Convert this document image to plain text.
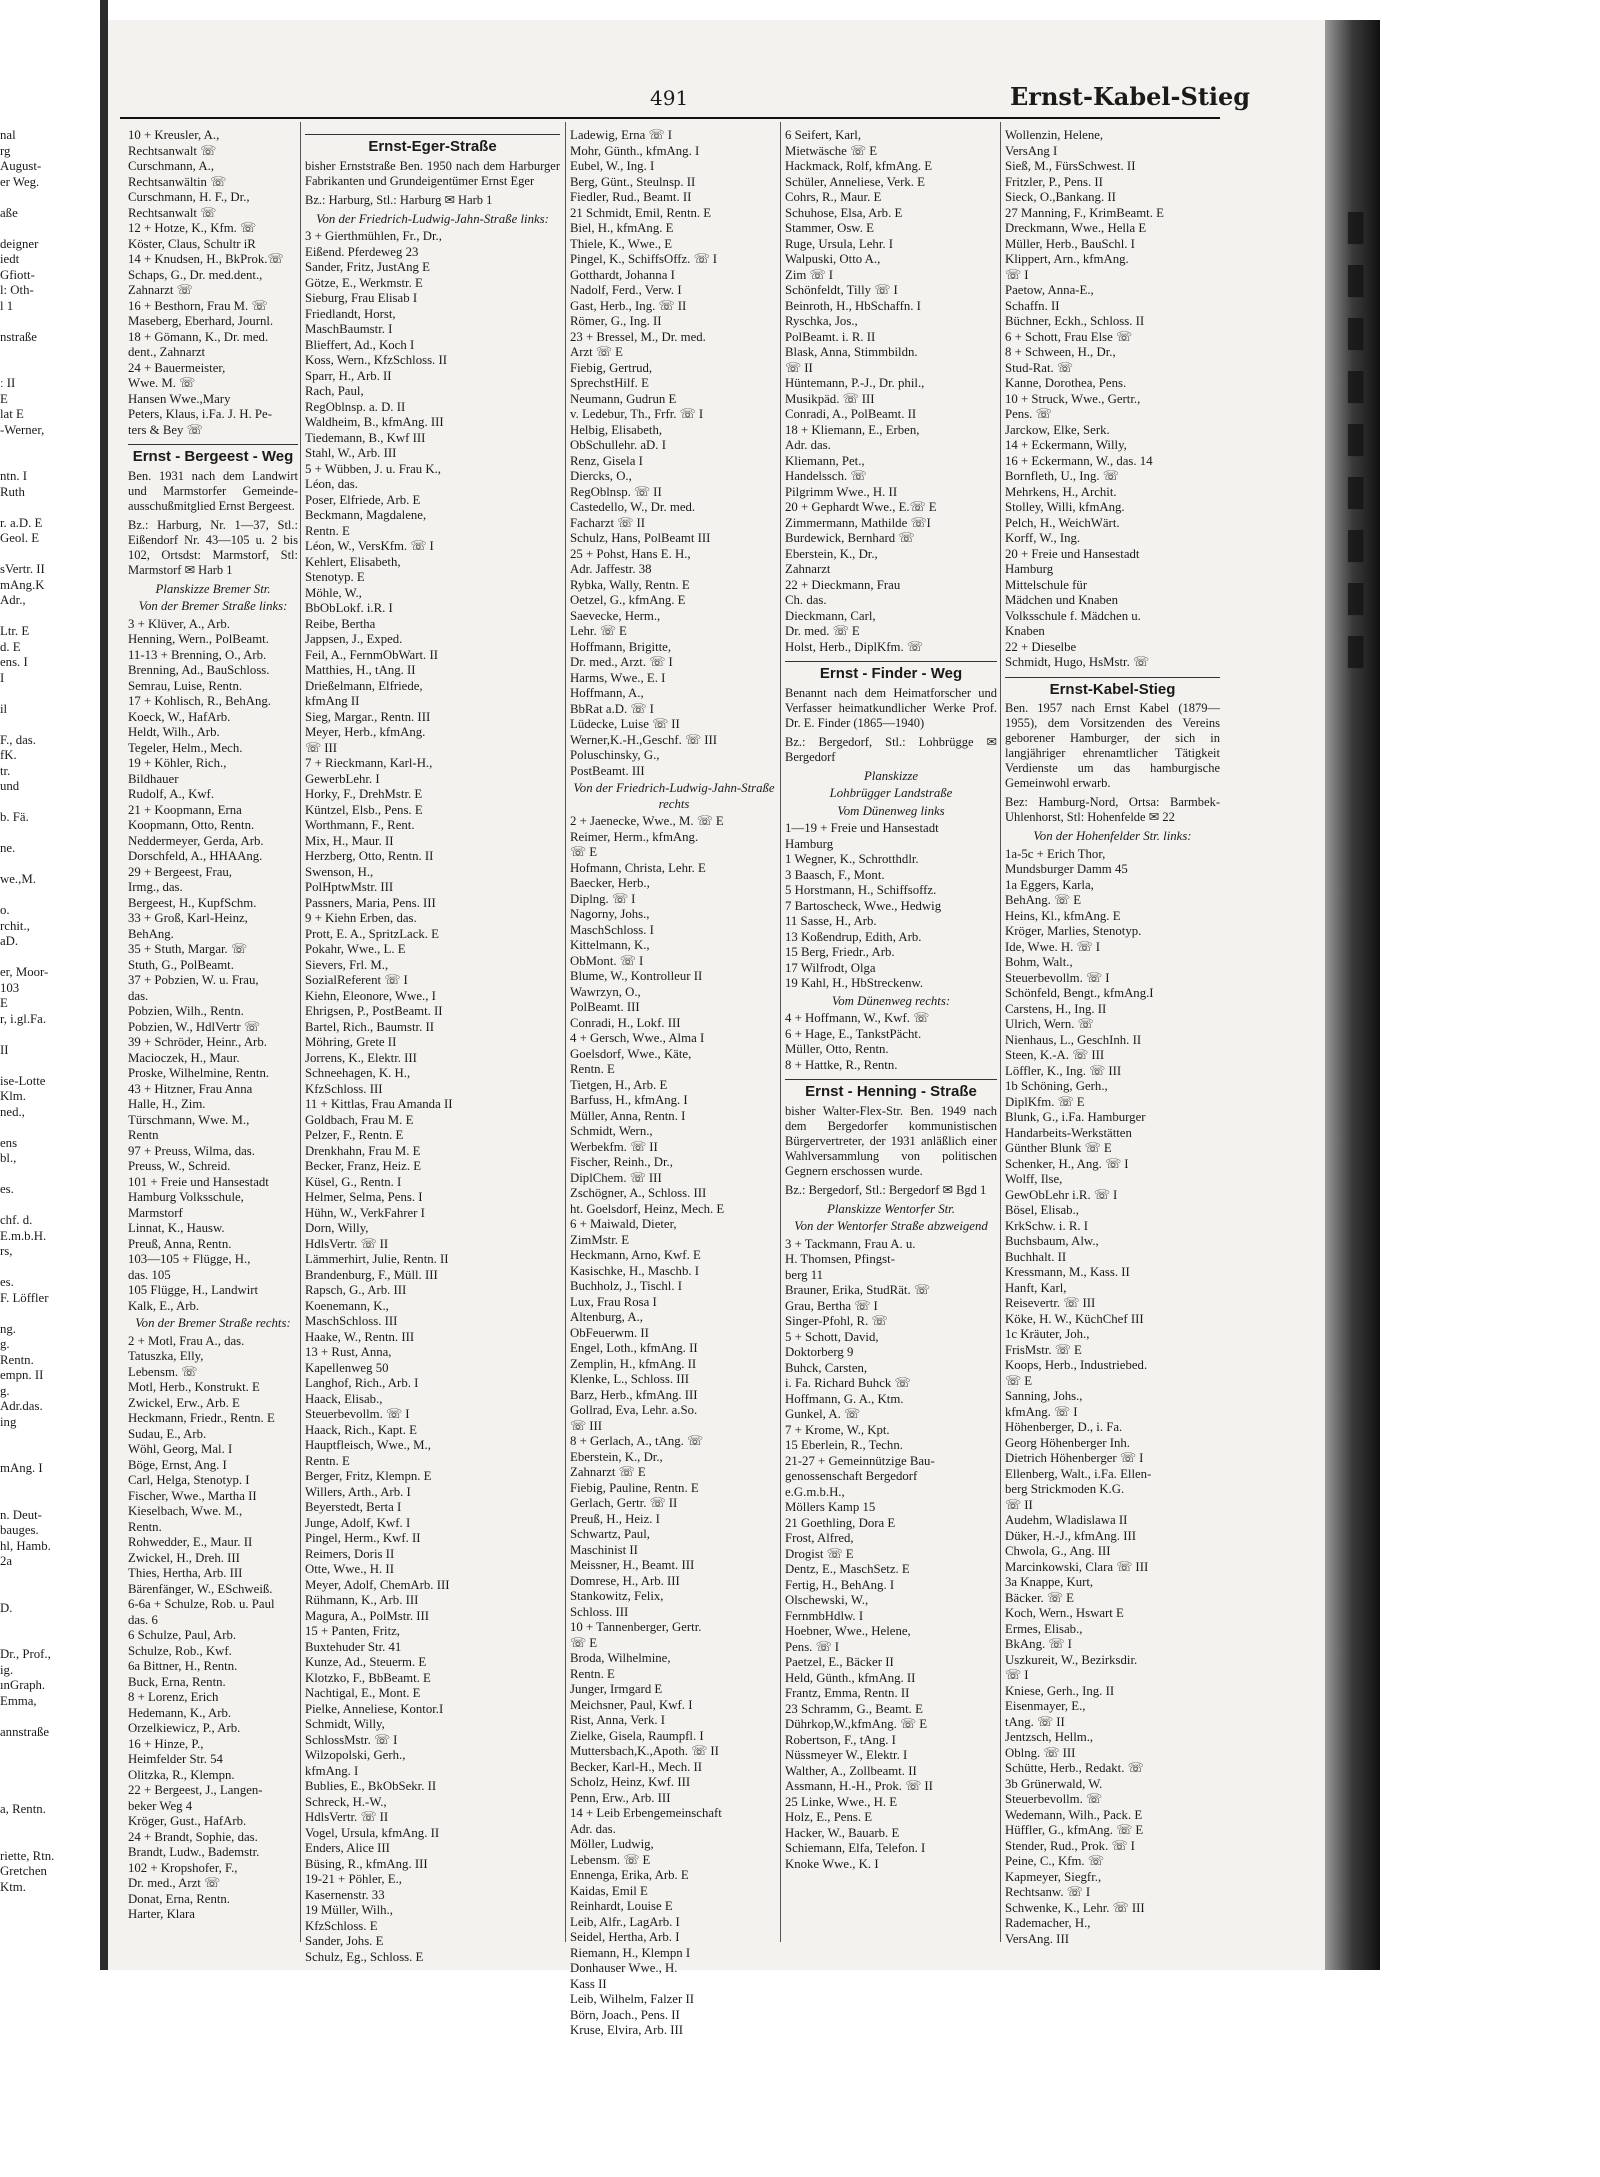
▮▮▮▮▮▮▮▮▮
491	Ernst-Kabel-Stieg
nal
rg
August-
er Weg.

aße

deigner
iedt
Gfiott-
l: Oth-
l 1

nstraße

ː II
E
lat E
-Werner,

ntn. I
Ruth

r. a.D. E
Geol. E

sVertr. II
mAng.K
Adr.,

Ltr. E
d. E
ens. I
I

il

F., das.
fK.
tr.
und

b. Fä.

ne.

we.,M.

o.
rchit.,
aD.

er, Moor-
103
E
r, i.gl.Fa.

II

ise-Lotte
Klm.
ned.,

ens
bl.,

es.

chf. d.
E.m.b.H.
rs,

es.
F. Löffler

ng.
g.
Rentn.
empn. II
g.
Adr.das.
ing

mAng. I

n. Deut-
bauges.
hl, Hamb.
2a

D.

Dr., Prof.,
ig.
ınGraph.
Emma,

annstraße

a, Rentn.

riette, Rtn.
Gretchen
Ktm.
10 + Kreusler, A.,
Rechtsanwalt ☏
Curschmann, A.,
Rechtsanwältin ☏
Curschmann, H. F., Dr.,
Rechtsanwalt ☏
12 + Hotze, K., Kfm. ☏
Köster, Claus, Schultr iR
14 + Knudsen, H., BkProk.☏
Schaps, G., Dr. med.dent.,
Zahnarzt ☏
16 + Besthorn, Frau M. ☏
Maseberg, Eberhard, Journl.
18 + Gömann, K., Dr. med.
dent., Zahnarzt
24 + Bauermeister,
Wwe. M. ☏
Hansen Wwe.,Mary
Peters, Klaus, i.Fa. J. H. Pe-
ters & Bey ☏
Ernst - Bergeest - Weg
Ben. 1931 nach dem Landwirt und Marmstorfer Gemeinde-ausschußmitglied Ernst Bergeest.
Bz.: Harburg, Nr. 1—37, Stl.: Eißendorf Nr. 43—105 u. 2 bis 102, Ortsdst: Marmstorf, Stl: Marmstorf ✉ Harb 1
Planskizze Bremer Str.
Von der Bremer Straße links:
3 + Klüver, A., Arb.
Henning, Wern., PolBeamt.
11-13 + Brenning, O., Arb.
Brenning, Ad., BauSchloss.
Semrau, Luise, Rentn.
17 + Kohlisch, R., BehAng.
Koeck, W., HafArb.
Heldt, Wilh., Arb.
Tegeler, Helm., Mech.
19 + Köhler, Rich.,
Bildhauer
Rudolf, A., Kwf.
21 + Koopmann, Erna
Koopmann, Otto, Rentn.
Neddermeyer, Gerda, Arb.
Dorschfeld, A., HHAAng.
29 + Bergeest, Frau,
Irmg., das.
Bergeest, H., KupfSchm.
33 + Groß, Karl-Heinz,
BehAng.
35 + Stuth, Margar. ☏
Stuth, G., PolBeamt.
37 + Pobzien, W. u. Frau,
das.
Pobzien, Wilh., Rentn.
Pobzien, W., HdlVertr ☏
39 + Schröder, Heinr., Arb.
Macioczek, H., Maur.
Proske, Wilhelmine, Rentn.
43 + Hitzner, Frau Anna
Halle, H., Zim.
Türschmann, Wwe. M.,
Rentn
97 + Preuss, Wilma, das.
Preuss, W., Schreid.
101 + Freie und Hansestadt
Hamburg Volksschule,
Marmstorf
Linnat, K., Hausw.
Preuß, Anna, Rentn.
103—105 + Flügge, H.,
das. 105
105 Flügge, H., Landwirt
Kalk, E., Arb.
Von der Bremer Straße rechts:
2 + Motl, Frau A., das.
Tatuszka, Elly,
Lebensm. ☏
Motl, Herb., Konstrukt. E
Zwickel, Erw., Arb. E
Heckmann, Friedr., Rentn. E
Sudau, E., Arb.
Wöhl, Georg, Mal. I
Böge, Ernst, Ang. I
Carl, Helga, Stenotyp. I
Fischer, Wwe., Martha II
Kieselbach, Wwe. M.,
Rentn.
Rohwedder, E., Maur. II
Zwickel, H., Dreh. III
Thies, Hertha, Arb. III
Bärenfänger, W., ESchweiß.
6-6a + Schulze, Rob. u. Paul
das. 6
6 Schulze, Paul, Arb.
Schulze, Rob., Kwf.
6a Bittner, H., Rentn.
Buck, Erna, Rentn.
8 + Lorenz, Erich
Hedemann, K., Arb.
Orzelkiewicz, P., Arb.
16 + Hinze, P.,
Heimfelder Str. 54
Olitzka, R., Klempn.
22 + Bergeest, J., Langen-
beker Weg 4
Kröger, Gust., HafArb.
24 + Brandt, Sophie, das.
Brandt, Ludw., Bademstr.
102 + Kropshofer, F.,
Dr. med., Arzt ☏
Donat, Erna, Rentn.
Harter, Klara
Ernst-Eger-Straße
bisher Ernststraße Ben. 1950 nach dem Harburger Fabrikanten und Grundeigentümer Ernst Eger
Bz.: Harburg, Stl.: Harburg ✉ Harb 1
Von der Friedrich-Ludwig-Jahn-Straße links:
3 + Gierthmühlen, Fr., Dr.,
Eißend. Pferdeweg 23
Sander, Fritz, JustAng E
Götze, E., Werkmstr. E
Sieburg, Frau Elisab I
Friedlandt, Horst,
MaschBaumstr. I
Blieffert, Ad., Koch I
Koss, Wern., KfzSchloss. II
Sparr, H., Arb. II
Rach, Paul,
RegOblnsp. a. D. II
Waldheim, B., kfmAng. III
Tiedemann, B., Kwf III
Stahl, W., Arb. III
5 + Wübben, J. u. Frau K.,
Léon, das.
Poser, Elfriede, Arb. E
Beckmann, Magdalene,
Rentn. E
Léon, W., VersKfm. ☏ I
Kehlert, Elisabeth,
Stenotyp. E
Möhle, W.,
BbObLokf. i.R. I
Reibe, Bertha
Jappsen, J., Exped.
Feil, A., FernmObWart. II
Matthies, H., tAng. II
Drießelmann, Elfriede,
kfmAng II
Sieg, Margar., Rentn. III
Meyer, Herb., kfmAng.
☏ III
7 + Rieckmann, Karl-H.,
GewerbLehr. I
Horky, F., DrehMstr. E
Küntzel, Elsb., Pens. E
Worthmann, F., Rent.
Mix, H., Maur. II
Herzberg, Otto, Rentn. II
Swenson, H.,
PolHptwMstr. III
Passners, Maria, Pens. III
9 + Kiehn Erben, das.
Prott, E. A., SpritzLack. E
Pokahr, Wwe., L. E
Sievers, Frl. M.,
SozialReferent ☏ I
Kiehn, Eleonore, Wwe., I
Ehrigsen, P., PostBeamt. II
Bartel, Rich., Baumstr. II
Möhring, Grete II
Jorrens, K., Elektr. III
Schneehagen, K. H.,
KfzSchloss. III
11 + Kittlas, Frau Amanda II
Goldbach, Frau M. E
Pelzer, F., Rentn. E
Drenkhahn, Frau M. E
Becker, Franz, Heiz. E
Küsel, G., Rentn. I
Helmer, Selma, Pens. I
Hühn, W., VerkFahrer I
Dorn, Willy,
HdlsVertr. ☏ II
Lämmerhirt, Julie, Rentn. II
Brandenburg, F., Müll. III
Rapsch, G., Arb. III
Koenemann, K.,
MaschSchloss. III
Haake, W., Rentn. III
13 + Rust, Anna,
Kapellenweg 50
Langhof, Rich., Arb. I
Haack, Elisab.,
Steuerbevollm. ☏ I
Haack, Rich., Kapt. E
Hauptfleisch, Wwe., M.,
Rentn. E
Berger, Fritz, Klempn. E
Willers, Arth., Arb. I
Beyerstedt, Berta I
Junge, Adolf, Kwf. I
Pingel, Herm., Kwf. II
Reimers, Doris II
Otte, Wwe., H. II
Meyer, Adolf, ChemArb. III
Rühmann, K., Arb. III
Magura, A., PolMstr. III
15 + Panten, Fritz,
Buxtehuder Str. 41
Kunze, Ad., Steuerm. E
Klotzko, F., BbBeamt. E
Nachtigal, E., Mont. E
Pielke, Anneliese, Kontor.I
Schmidt, Willy,
SchlossMstr. ☏ I
Wilzopolski, Gerh.,
kfmAng. I
Bublies, E., BkObSekr. II
Schreck, H.-W.,
HdlsVertr. ☏ II
Vogel, Ursula, kfmAng. II
Enders, Alice III
Büsing, R., kfmAng. III
19-21 + Pöhler, E.,
Kasernenstr. 33
19 Müller, Wilh.,
KfzSchloss. E
Sander, Johs. E
Schulz, Eg., Schloss. E
Ladewig, Erna ☏ I
Mohr, Günth., kfmAng. I
Eubel, W., Ing. I
Berg, Günt., Steulnsp. II
Fiedler, Rud., Beamt. II
21 Schmidt, Emil, Rentn. E
Biel, H., kfmAng. E
Thiele, K., Wwe., E
Pingel, K., SchiffsOffz. ☏ I
Gotthardt, Johanna I
Nadolf, Ferd., Verw. I
Gast, Herb., Ing. ☏ II
Römer, G., Ing. II
23 + Bressel, M., Dr. med.
Arzt ☏ E
Fiebig, Gertrud,
SprechstHilf. E
Neumann, Gudrun E
v. Ledebur, Th., Frfr. ☏ I
Helbig, Elisabeth,
ObSchullehr. aD. I
Renz, Gisela I
Diercks, O.,
RegOblnsp. ☏ II
Castedello, W., Dr. med.
Facharzt ☏ II
Schulz, Hans, PolBeamt III
25 + Pohst, Hans E. H.,
Adr. Jaffestr. 38
Rybka, Wally, Rentn. E
Oetzel, G., kfmAng. E
Saevecke, Herm.,
Lehr. ☏ E
Hoffmann, Brigitte,
Dr. med., Arzt. ☏ I
Harms, Wwe., E. I
Hoffmann, A.,
BbRat a.D. ☏ I
Lüdecke, Luise ☏ II
Werner,K.-H.,Geschf. ☏ III
Poluschinsky, G.,
PostBeamt. III
Von der Friedrich-Ludwig-Jahn-Straße rechts
2 + Jaenecke, Wwe., M. ☏ E
Reimer, Herm., kfmAng.
☏ E
Hofmann, Christa, Lehr. E
Baecker, Herb.,
Diplng. ☏ I
Nagorny, Johs.,
MaschSchloss. I
Kittelmann, K.,
ObMont. ☏ I
Blume, W., Kontrolleur II
Wawrzyn, O.,
PolBeamt. III
Conradi, H., Lokf. III
4 + Gersch, Wwe., Alma I
Goelsdorf, Wwe., Käte,
Rentn. E
Tietgen, H., Arb. E
Barfuss, H., kfmAng. I
Müller, Anna, Rentn. I
Schmidt, Wern.,
Werbekfm. ☏ II
Fischer, Reinh., Dr.,
DiplChem. ☏ III
Zschögner, A., Schloss. III
ht. Goelsdorf, Heinz, Mech. E
6 + Maiwald, Dieter,
ZimMstr. E
Heckmann, Arno, Kwf. E
Kasischke, H., Maschb. I
Buchholz, J., Tischl. I
Lux, Frau Rosa I
Altenburg, A.,
ObFeuerwm. II
Engel, Loth., kfmAng. II
Zemplin, H., kfmAng. II
Klenke, L., Schloss. III
Barz, Herb., kfmAng. III
Gollrad, Eva, Lehr. a.So.
☏ III
8 + Gerlach, A., tAng. ☏
Eberstein, K., Dr.,
Zahnarzt ☏ E
Fiebig, Pauline, Rentn. E
Gerlach, Gertr. ☏ II
Preuß, H., Heiz. I
Schwartz, Paul,
Maschinist II
Meissner, H., Beamt. III
Domrese, H., Arb. III
Stankowitz, Felix,
Schloss. III
10 + Tannenberger, Gertr.
☏ E
Broda, Wilhelmine,
Rentn. E
Junger, Irmgard E
Meichsner, Paul, Kwf. I
Rist, Anna, Verk. I
Zielke, Gisela, Raumpfl. I
Muttersbach,K.,Apoth. ☏ II
Becker, Karl-H., Mech. II
Scholz, Heinz, Kwf. III
Penn, Erw., Arb. III
14 + Leib Erbengemeinschaft
Adr. das.
Möller, Ludwig,
Lebensm. ☏ E
Ennenga, Erika, Arb. E
Kaidas, Emil E
Reinhardt, Louise E
Leib, Alfr., LagArb. I
Seidel, Hertha, Arb. I
Riemann, H., Klempn I
Donhauser Wwe., H.
Kass II
Leib, Wilhelm, Falzer II
Börn, Joach., Pens. II
Kruse, Elvira, Arb. III
6 Seifert, Karl,
Mietwäsche ☏ E
Hackmack, Rolf, kfmAng. E
Schüler, Anneliese, Verk. E
Cohrs, R., Maur. E
Schuhose, Elsa, Arb. E
Stammer, Osw. E
Ruge, Ursula, Lehr. I
Walpuski, Otto A.,
Zim ☏ I
Schönfeldt, Tilly ☏ I
Beinroth, H., HbSchaffn. I
Ryschka, Jos.,
PolBeamt. i. R. II
Blask, Anna, Stimmbildn.
☏ II
Hüntemann, P.-J., Dr. phil.,
Musikpäd. ☏ III
Conradi, A., PolBeamt. II
18 + Kliemann, E., Erben,
Adr. das.
Kliemann, Pet.,
Handelssch. ☏
Pilgrimm Wwe., H. II
20 + Gephardt Wwe., E.☏ E
Zimmermann, Mathilde ☏I
Burdewick, Bernhard ☏
Eberstein, K., Dr.,
Zahnarzt
22 + Dieckmann, Frau
Ch. das.
Dieckmann, Carl,
Dr. med. ☏ E
Holst, Herb., DiplKfm. ☏
Ernst - Finder - Weg
Benannt nach dem Heimatforscher und Verfasser heimatkundlicher Werke Prof. Dr. E. Finder (1865—1940)
Bz.: Bergedorf, Stl.: Lohbrügge ✉ Bergedorf
Planskizze
Lohbrügger Landstraße
Vom Dünenweg links
1—19 + Freie und Hansestadt
Hamburg
1 Wegner, K., Schrotthdlr.
3 Baasch, F., Mont.
5 Horstmann, H., Schiffsoffz.
7 Bartoscheck, Wwe., Hedwig
11 Sasse, H., Arb.
13 Koßendrup, Edith, Arb.
15 Berg, Friedr., Arb.
17 Wilfrodt, Olga
19 Kahl, H., HbStreckenw.
Vom Dünenweg rechts:
4 + Hoffmann, W., Kwf. ☏
6 + Hage, E., TankstPächt.
Müller, Otto, Rentn.
8 + Hattke, R., Rentn.
Ernst - Henning - Straße
bisher Walter-Flex-Str. Ben. 1949 nach dem Bergedorfer kommunistischen Bürgervertreter, der 1931 anläßlich einer Wahlversammlung von politischen Gegnern erschossen wurde.
Bz.: Bergedorf, Stl.: Bergedorf ✉ Bgd 1
Planskizze Wentorfer Str.
Von der Wentorfer Straße abzweigend
3 + Tackmann, Frau A. u.
H. Thomsen, Pfingst-
berg 11
Brauner, Erika, StudRät. ☏
Grau, Bertha ☏ I
Singer-Pfohl, R. ☏
5 + Schott, David,
Doktorberg 9
Buhck, Carsten,
i. Fa. Richard Buhck ☏
Hoffmann, G. A., Ktm.
Gunkel, A. ☏
7 + Krome, W., Kpt.
15 Eberlein, R., Techn.
21-27 + Gemeinnützige Bau-
genossenschaft Bergedorf
e.G.m.b.H.,
Möllers Kamp 15
21 Goethling, Dora E
Frost, Alfred,
Drogist ☏ E
Dentz, E., MaschSetz. E
Fertig, H., BehAng. I
Olschewski, W.,
FernmbHdlw. I
Hoebner, Wwe., Helene,
Pens. ☏ I
Paetzel, E., Bäcker II
Held, Günth., kfmAng. II
Frantz, Emma, Rentn. II
23 Schramm, G., Beamt. E
Dührkop,W.,kfmAng. ☏ E
Robertson, F., tAng. I
Nüssmeyer W., Elektr. I
Walther, A., Zollbeamt. II
Assmann, H.-H., Prok. ☏ II
25 Linke, Wwe., H. E
Holz, E., Pens. E
Hacker, W., Bauarb. E
Schiemann, Elfa, Telefon. I
Knoke Wwe., K. I
Wollenzin, Helene,
VersAng I
Sieß, M., FürsSchwest. II
Fritzler, P., Pens. II
Sieck, O.,Bankang. II
27 Manning, F., KrimBeamt. E
Dreckmann, Wwe., Hella E
Müller, Herb., BauSchl. I
Klippert, Arn., kfmAng.
☏ I
Paetow, Anna-E.,
Schaffn. II
Büchner, Eckh., Schloss. II
6 + Schott, Frau Else ☏
8 + Schween, H., Dr.,
Stud-Rat. ☏
Kanne, Dorothea, Pens.
10 + Struck, Wwe., Gertr.,
Pens. ☏
Jarckow, Elke, Serk.
14 + Eckermann, Willy,
16 + Eckermann, W., das. 14
Bornfleth, U., Ing. ☏
Mehrkens, H., Archit.
Stolley, Willi, kfmAng.
Pelch, H., WeichWärt.
Korff, W., Ing.
20 + Freie und Hansestadt
Hamburg
Mittelschule für
Mädchen und Knaben
Volksschule f. Mädchen u.
Knaben
22 + Dieselbe
Schmidt, Hugo, HsMstr. ☏
Ernst-Kabel-Stieg
Ben. 1957 nach Ernst Kabel (1879—1955), dem Vorsitzenden des Vereins geborener Hamburger, der sich in langjähriger ehrenamtlicher Tätigkeit Verdienste um das hamburgische Gemeinwohl erwarb.
Bez: Hamburg-Nord, Ortsa: Barmbek-Uhlenhorst, Stl: Hohenfelde ✉ 22
Von der Hohenfelder Str. links:
1a-5c + Erich Thor,
Mundsburger Damm 45
1a Eggers, Karla,
BehAng. ☏ E
Heins, Kl., kfmAng. E
Kröger, Marlies, Stenotyp.
Ide, Wwe. H. ☏ I
Bohm, Walt.,
Steuerbevollm. ☏ I
Schönfeld, Bengt., kfmAng.I
Carstens, H., Ing. II
Ulrich, Wern. ☏
Nienhaus, L., GeschInh. II
Steen, K.-A. ☏ III
Löffler, K., Ing. ☏ III
1b Schöning, Gerh.,
DiplKfm. ☏ E
Blunk, G., i.Fa. Hamburger
Handarbeits-Werkstätten
Günther Blunk ☏ E
Schenker, H., Ang. ☏ I
Wolff, Ilse,
GewObLehr i.R. ☏ I
Bösel, Elisab.,
KrkSchw. i. R. I
Buchsbaum, Alw.,
Buchhalt. II
Kressmann, M., Kass. II
Hanft, Karl,
Reisevertr. ☏ III
Köke, H. W., KüchChef III
1c Kräuter, Joh.,
FrisMstr. ☏ E
Koops, Herb., Industriebed.
☏ E
Sanning, Johs.,
kfmAng. ☏ I
Höhenberger, D., i. Fa.
Georg Höhenberger Inh.
Dietrich Höhenberger ☏ I
Ellenberg, Walt., i.Fa. Ellen-
berg Strickmoden K.G.
☏ II
Audehm, Wladislawa II
Düker, H.-J., kfmAng. III
Chwola, G., Ang. III
Marcinkowski, Clara ☏ III
3a Knappe, Kurt,
Bäcker. ☏ E
Koch, Wern., Hswart E
Ermes, Elisab.,
BkAng. ☏ I
Uszkureit, W., Bezirksdir.
☏ I
Kniese, Gerh., Ing. II
Eisenmayer, E.,
tAng. ☏ II
Jentzsch, Hellm.,
Oblng. ☏ III
Schütte, Herb., Redakt. ☏
3b Grünerwald, W.
Steuerbevollm. ☏
Wedemann, Wilh., Pack. E
Hüffler, G., kfmAng. ☏ E
Stender, Rud., Prok. ☏ I
Peine, C., Kfm. ☏
Kapmeyer, Siegfr.,
Rechtsanw. ☏ I
Schwenke, K., Lehr. ☏ III
Rademacher, H.,
VersAng. III
